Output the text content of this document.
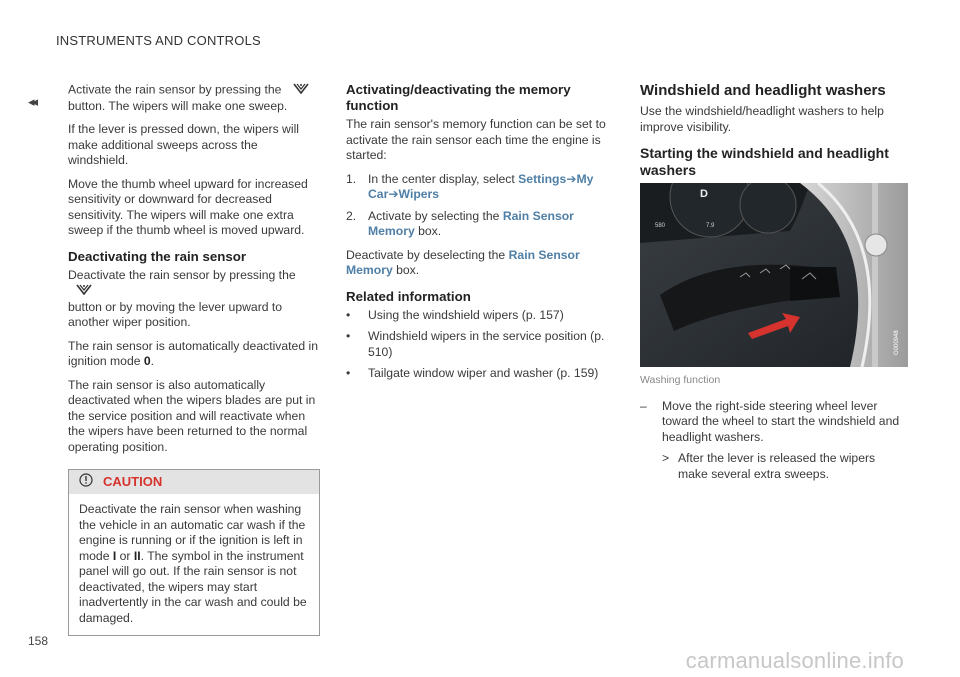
INSTRUMENTS AND CONTROLS
◂◂

Activate the rain sensor by pressing the
button. The wipers will make one sweep.

If the lever is pressed down, the wipers will make additional sweeps across the windshield.

Move the thumb wheel upward for increased sensitivity or downward for decreased sensitivity. The wipers will make one extra sweep if the thumb wheel is moved upward.

Deactivating the rain sensor

Deactivate the rain sensor by pressing the
button or by moving the lever upward to another wiper position.

The rain sensor is automatically deactivated in ignition mode 0.

The rain sensor is also automatically deactivated when the wipers blades are put in the service position and will reactivate when the wipers have been returned to the normal operating position.

CAUTION
Deactivate the rain sensor when washing the vehicle in an automatic car wash if the engine is running or if the ignition is left in mode I or II. The symbol in the instrument panel will go out. If the rain sensor is not deactivated, the wipers may start inadvertently in the car wash and could be damaged.
Activating/deactivating the memory function

The rain sensor's memory function can be set to activate the rain sensor each time the engine is started:

1. In the center display, select Settings➔My Car➔Wipers
2. Activate by selecting the Rain Sensor Memory box.

Deactivate by deselecting the Rain Sensor Memory box.

Related information
•	Using the windshield wipers (p. 157)
•	Windshield wipers in the service position (p. 510)
•	Tailgate window wiper and washer (p. 159)
Windshield and headlight washers

Use the windshield/headlight washers to help improve visibility.

Starting the windshield and headlight washers
D
580	7.9
G000948
Washing function
–	Move the right-side steering wheel lever toward the wheel to start the windshield and headlight washers.
> After the lever is released the wipers make several extra sweeps.
158
carmanualsonline.info
